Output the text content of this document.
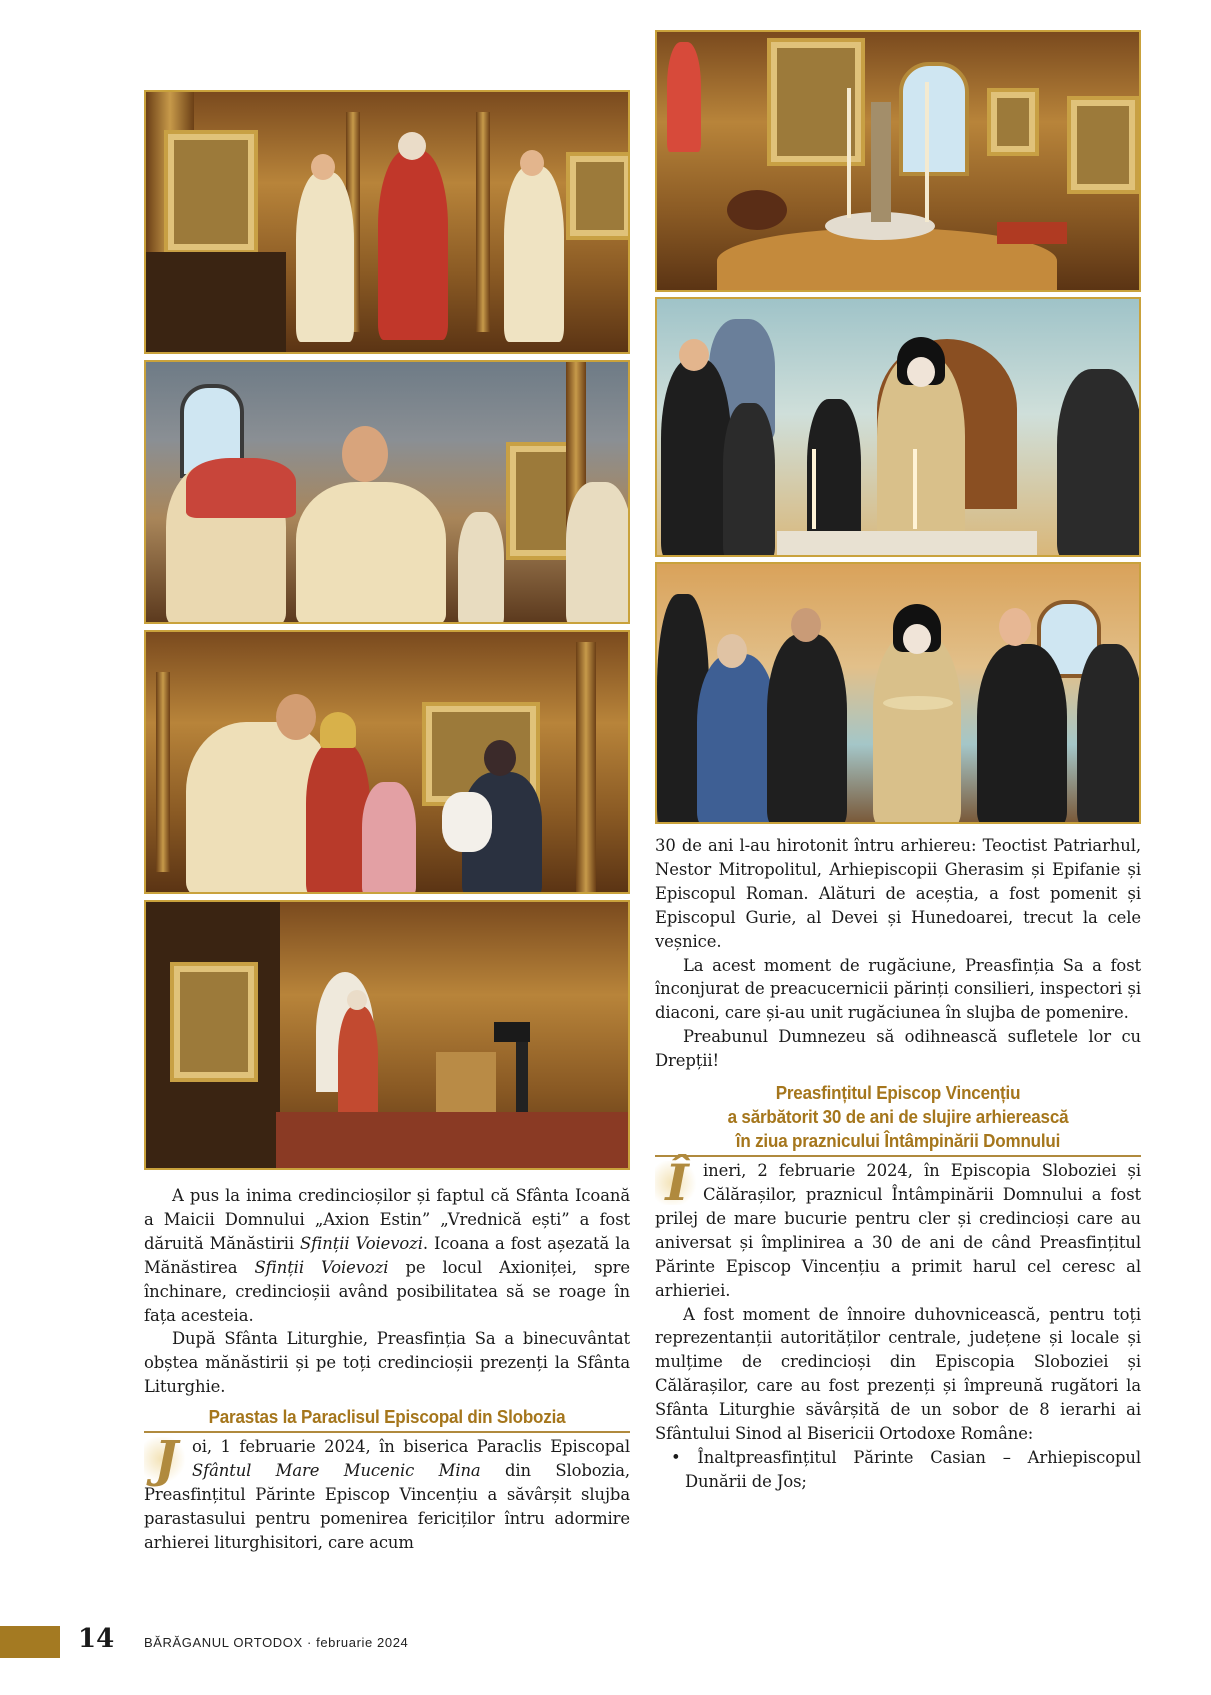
A pus la inima credincioșilor și faptul că Sfânta Icoană a Maicii Domnului „Axion Estin” „Vrednică ești” a fost dăruită Mănăstirii Sfinții Voievozi. Icoana a fost așezată la Mănăstirea Sfinții Voievozi pe locul Axioniței, spre închinare, credincioșii având posibilitatea să se roage în fața acesteia.

După Sfânta Liturghie, Preasfinția Sa a binecuvântat obștea mănăstirii și pe toți credincioșii prezenți la Sfânta Liturghie.

Parastas la Paraclisul Episcopal din Slobozia

J oi, 1 februarie 2024, în biserica Paraclis Episcopal Sfântul Mare Mucenic Mina din Slobozia, Preasfințitul Părinte Episcop Vincențiu a săvârșit slujba parastasului pentru pomenirea fericiților întru adormire arhierei liturghisitori, care acum

30 de ani l-au hirotonit întru arhiereu: Teoctist Patriarhul, Nestor Mitropolitul, Arhiepiscopii Gherasim și Epifanie și Episcopul Roman. Alături de aceștia, a fost pomenit și Episcopul Gurie, al Devei și Hunedoarei, trecut la cele veșnice.

La acest moment de rugăciune, Preasfinția Sa a fost înconjurat de preacucernicii părinți consilieri, inspectori și diaconi, care și-au unit rugăciunea în slujba de pomenire.

Preabunul Dumnezeu să odihnească sufletele lor cu Drepții!

Preasfințitul Episcop Vincențiu
a sărbătorit 30 de ani de slujire arhierească
în ziua praznicului Întâmpinării Domnului

Î ineri, 2 februarie 2024, în Episcopia Sloboziei și Călărașilor, praznicul Întâmpinării Domnului a fost prilej de mare bucurie pentru cler și credincioși care au aniversat și împlinirea a 30 de ani de când Preasfințitul Părinte Episcop Vincențiu a primit harul cel ceresc al arhieriei.

A fost moment de înnoire duhovnicească, pentru toți reprezentanții autorităților centrale, județene și locale și mulțime de credincioși din Episcopia Sloboziei și Călărașilor, care au fost prezenți și împreună rugători la Sfânta Liturghie săvârșită de un sobor de 8 ierarhi ai Sfântului Sinod al Bisericii Ortodoxe Române:

• Înaltpreasfințitul Părinte Casian – Arhiepiscopul Dunării de Jos;

14 BĂRĂGANUL ORTODOX · februarie 2024
